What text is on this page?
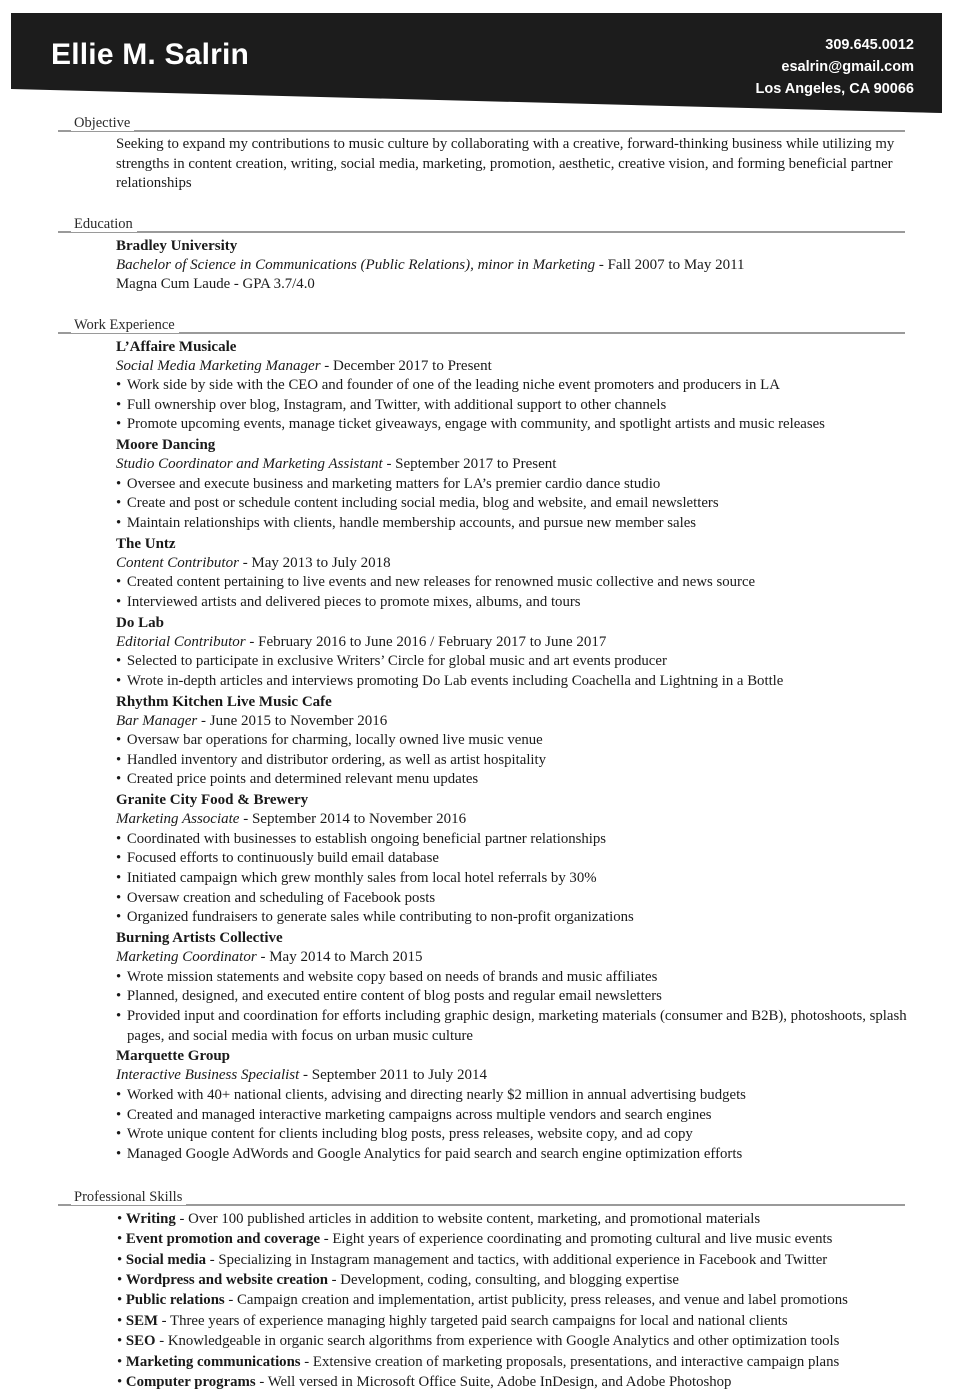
Ellie M. Salrin	309.645.0012
esalrin@gmail.com
Los Angeles, CA 90066
Objective

Seeking to expand my contributions to music culture by collaborating with a creative, forward-thinking business while utilizing my strengths in content creation, writing, social media, marketing, promotion, aesthetic, creative vision, and forming beneficial partner relationships

Education
Bradley University
Bachelor of Science in Communications (Public Relations), minor in Marketing - Fall 2007 to May 2011
Magna Cum Laude - GPA 3.7/4.0
Work Experience
L’Affaire Musicale
Social Media Marketing Manager - December 2017 to Present
• Work side by side with the CEO and founder of one of the leading niche event promoters and producers in LA
• Full ownership over blog, Instagram, and Twitter, with additional support to other channels
• Promote upcoming events, manage ticket giveaways, engage with community, and spotlight artists and music releases
Moore Dancing
Studio Coordinator and Marketing Assistant - September 2017 to Present
• Oversee and execute business and marketing matters for LA’s premier cardio dance studio
• Create and post or schedule content including social media, blog and website, and email newsletters
• Maintain relationships with clients, handle membership accounts, and pursue new member sales
The Untz
Content Contributor - May 2013 to July 2018
• Created content pertaining to live events and new releases for renowned music collective and news source
• Interviewed artists and delivered pieces to promote mixes, albums, and tours
Do Lab
Editorial Contributor - February 2016 to June 2016 / February 2017 to June 2017
• Selected to participate in exclusive Writers’ Circle for global music and art events producer
• Wrote in-depth articles and interviews promoting Do Lab events including Coachella and Lightning in a Bottle
Rhythm Kitchen Live Music Cafe
Bar Manager - June 2015 to November 2016
• Oversaw bar operations for charming, locally owned live music venue
• Handled inventory and distributor ordering, as well as artist hospitality
• Created price points and determined relevant menu updates
Granite City Food & Brewery
Marketing Associate - September 2014 to November 2016
• Coordinated with businesses to establish ongoing beneficial partner relationships
• Focused efforts to continuously build email database
• Initiated campaign which grew monthly sales from local hotel referrals by 30%
• Oversaw creation and scheduling of Facebook posts
• Organized fundraisers to generate sales while contributing to non-profit organizations
Burning Artists Collective
Marketing Coordinator - May 2014 to March 2015
• Wrote mission statements and website copy based on needs of brands and music affiliates
• Planned, designed, and executed entire content of blog posts and regular email newsletters
• Provided input and coordination for efforts including graphic design, marketing materials (consumer and B2B), photoshoots, splash pages, and social media with focus on urban music culture
Marquette Group
Interactive Business Specialist - September 2011 to July 2014
• Worked with 40+ national clients, advising and directing nearly $2 million in annual advertising budgets
• Created and managed interactive marketing campaigns across multiple vendors and search engines
• Wrote unique content for clients including blog posts, press releases, website copy, and ad copy
• Managed Google AdWords and Google Analytics for paid search and search engine optimization efforts
Professional Skills
• Writing - Over 100 published articles in addition to website content, marketing, and promotional materials
• Event promotion and coverage - Eight years of experience coordinating and promoting cultural and live music events
• Social media - Specializing in Instagram management and tactics, with additional experience in Facebook and Twitter
• Wordpress and website creation - Development, coding, consulting, and blogging expertise
• Public relations - Campaign creation and implementation, artist publicity, press releases, and venue and label promotions
• SEM - Three years of experience managing highly targeted paid search campaigns for local and national clients
• SEO - Knowledgeable in organic search algorithms from experience with Google Analytics and other optimization tools
• Marketing communications - Extensive creation of marketing proposals, presentations, and interactive campaign plans
• Computer programs - Well versed in Microsoft Office Suite, Adobe InDesign, and Adobe Photoshop
